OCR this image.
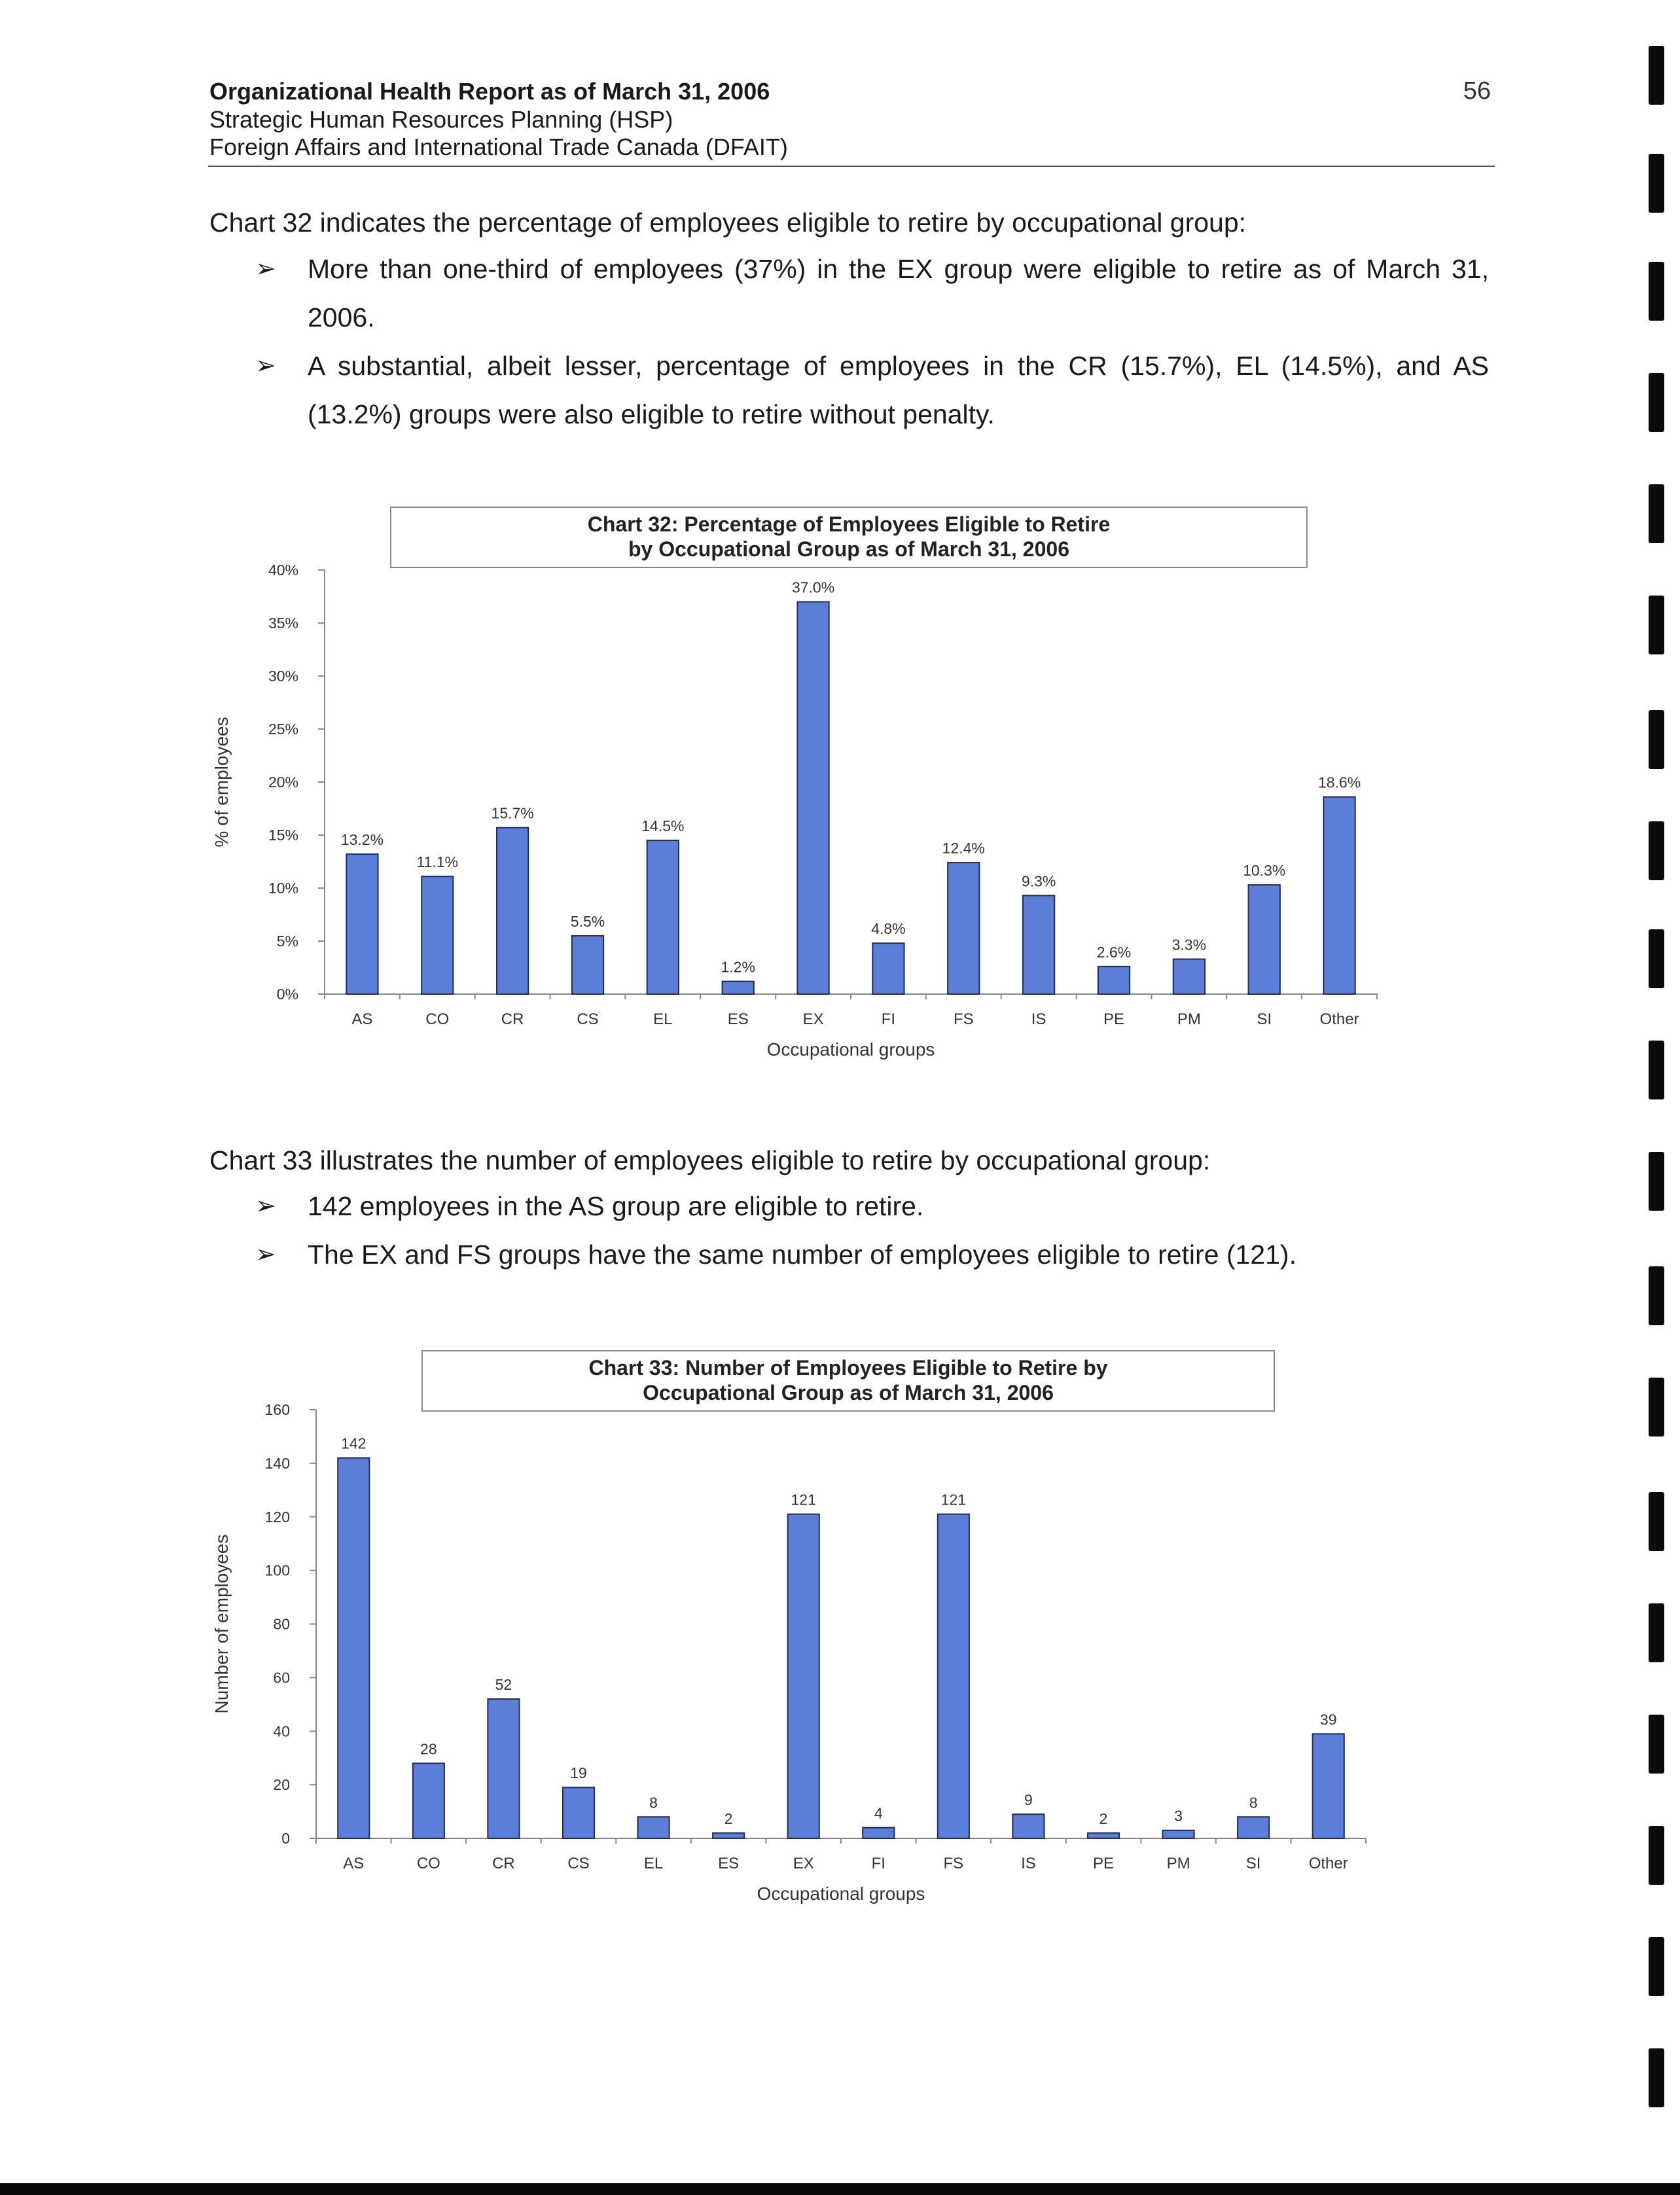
Organizational Health Report as of March 31, 2006
Strategic Human Resources Planning (HSP)
Foreign Affairs and International Trade Canada (DFAIT)
56
Chart 32 indicates the percentage of employees eligible to retire by occupational group:
➢ More than one-third of employees (37%) in the EX group were eligible to retire as of March 31, 2006.
➢ A substantial, albeit lesser, percentage of employees in the CR (15.7%), EL (14.5%), and AS (13.2%) groups were also eligible to retire without penalty.
0%
5%
10%
15%
20%
25%
30%
35%
40%
13.2%
AS
11.1%
CO
15.7%
CR
5.5%
CS
14.5%
EL
1.2%
ES
37.0%
EX
4.8%
FI
12.4%
FS
9.3%
IS
2.6%
PE
3.3%
PM
10.3%
SI
18.6%
Other
Occupational groups
% of employees
Chart 32: Percentage of Employees Eligible to Retire
by Occupational Group as of March 31, 2006
Chart 33 illustrates the number of employees eligible to retire by occupational group:
➢ 142 employees in the AS group are eligible to retire.
➢ The EX and FS groups have the same number of employees eligible to retire (121).
0
20
40
60
80
100
120
140
160
142
AS
28
CO
52
CR
19
CS
8
EL
2
ES
121
EX
4
FI
121
FS
9
IS
2
PE
3
PM
8
SI
39
Other
Occupational groups
Number of employees
Chart 33: Number of Employees Eligible to Retire by
Occupational Group as of March 31, 2006
